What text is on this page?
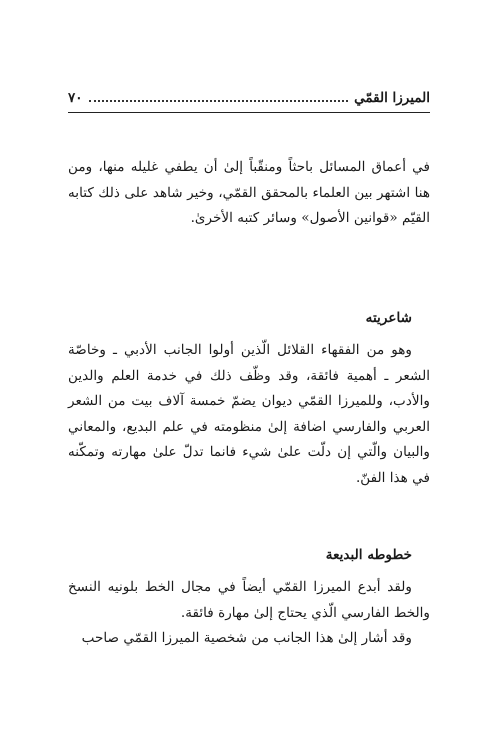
الميرزا القمّي
٧٠
في أعماق المسائل باحثاً ومنقّباً إلىٰ أن يطفي غليله منها، ومن هنا اشتهر بين العلماء بالمحقق القمّي، وخير شاهد على ذلك كتابه القيّم «قوانين الأصول» وسائر كتبه الأخرىٰ.
شاعريته
وهو من الفقهاء القلائل الّذين أولوا الجانب الأدبي ـ وخاصّة الشعر ـ أهمية فائقة، وقد وظّف ذلك في خدمة العلم والدين والأدب، وللميرزا القمّي ديوان يضمّ خمسة آلاف بيت من الشعر العربي والفارسي اضافة إلىٰ منظومته في علم البديع، والمعاني والبيان والّتي إن دلّت علىٰ شيء فانما تدلّ علىٰ مهارته وتمكّنه في هذا الفنّ.
خطوطه البديعة
ولقد أبدع الميرزا القمّي أيضاً في مجال الخط بلونيه النسخ والخط الفارسي الّذي يحتاج إلىٰ مهارة فائقة.
وقد أشار إلىٰ هذا الجانب من شخصية الميرزا القمّي صاحب
